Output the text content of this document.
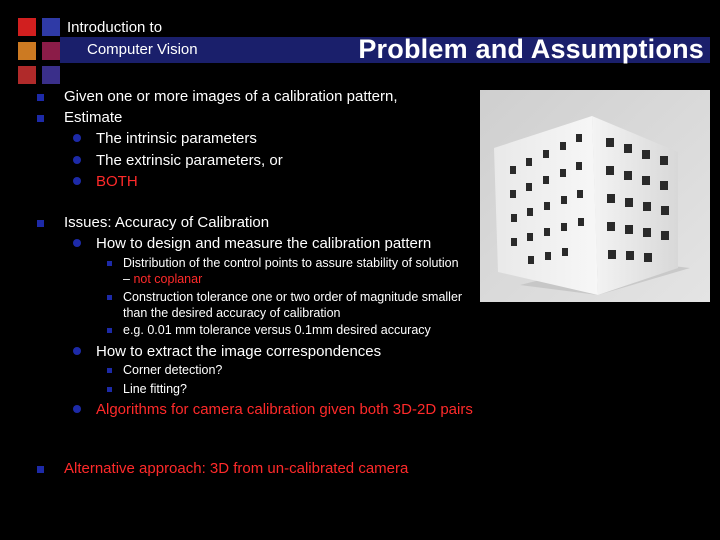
Introduction to
Computer Vision	Problem and Assumptions
Given one or more images of a calibration pattern,
Estimate
The intrinsic parameters
The extrinsic parameters, or
BOTH
Issues: Accuracy of Calibration
How to design and measure the calibration pattern
Distribution of the control points to assure stability of solution – not coplanar
Construction tolerance one or two order of magnitude smaller than the desired accuracy of calibration
e.g. 0.01 mm tolerance versus 0.1mm desired accuracy
How to extract the image correspondences
Corner detection?
Line fitting?
Algorithms for camera calibration given both 3D-2D pairs
Alternative approach: 3D from un-calibrated camera
